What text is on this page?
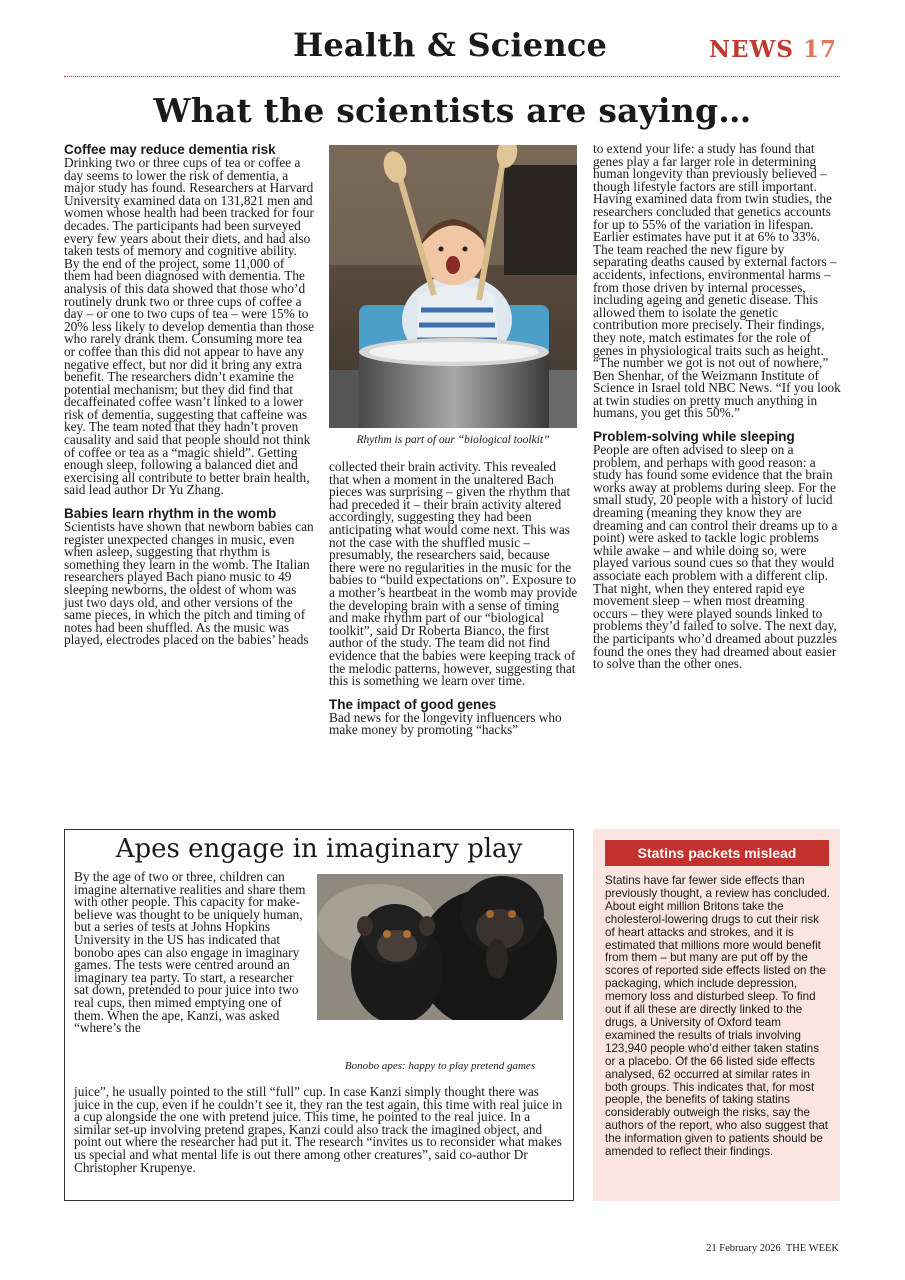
Health & Science	NEWS 17
What the scientists are saying…
Coffee may reduce dementia risk

Drinking two or three cups of tea or coffee a day seems to lower the risk of dementia, a major study has found. Researchers at Harvard University examined data on 131,821 men and women whose health had been tracked for four decades. The participants had been surveyed every few years about their diets, and had also taken tests of memory and cognitive ability. By the end of the project, some 11,000 of them had been diagnosed with dementia. The analysis of this data showed that those who’d routinely drunk two or three cups of coffee a day – or one to two cups of tea – were 15% to 20% less likely to develop dementia than those who rarely drank them. Consuming more tea or coffee than this did not appear to have any negative effect, but nor did it bring any extra benefit. The researchers didn’t examine the potential mechanism; but they did find that decaffeinated coffee wasn’t linked to a lower risk of dementia, suggesting that caffeine was key. The team noted that they hadn’t proven causality and said that people should not think of coffee or tea as a “magic shield”. Getting enough sleep, following a balanced diet and exercising all contribute to better brain health, said lead author Dr Yu Zhang.

Babies learn rhythm in the womb

Scientists have shown that newborn babies can register unexpected changes in music, even when asleep, suggesting that rhythm is something they learn in the womb. The Italian researchers played Bach piano music to 49 sleeping newborns, the oldest of whom was just two days old, and other versions of the same pieces, in which the pitch and timing of notes had been shuffled. As the music was played, electrodes placed on the babies’ heads

Rhythm is part of our “biological toolkit”

collected their brain activity. This revealed that when a moment in the unaltered Bach pieces was surprising – given the rhythm that had preceded it – their brain activity altered accordingly, suggesting they had been anticipating what would come next. This was not the case with the shuffled music – presumably, the researchers said, because there were no regularities in the music for the babies to “build expectations on”. Exposure to a mother’s heartbeat in the womb may provide the developing brain with a sense of timing and make rhythm part of our “biological toolkit”, said Dr Roberta Bianco, the first author of the study. The team did not find evidence that the babies were keeping track of the melodic patterns, however, suggesting that this is something we learn over time.

The impact of good genes

Bad news for the longevity influencers who make money by promoting “hacks”

to extend your life: a study has found that genes play a far larger role in determining human longevity than previously believed – though lifestyle factors are still important. Having examined data from twin studies, the researchers concluded that genetics accounts for up to 55% of the variation in lifespan. Earlier estimates have put it at 6% to 33%. The team reached the new figure by separating deaths caused by external factors – accidents, infections, environmental harms – from those driven by internal processes, including ageing and genetic disease. This allowed them to isolate the genetic contribution more precisely. Their findings, they note, match estimates for the role of genes in physiological traits such as height. “The number we got is not out of nowhere,” Ben Shenhar, of the Weizmann Institute of Science in Israel told NBC News. “If you look at twin studies on pretty much anything in humans, you get this 50%.”

Problem-solving while sleeping

People are often advised to sleep on a problem, and perhaps with good reason: a study has found some evidence that the brain works away at problems during sleep. For the small study, 20 people with a history of lucid dreaming (meaning they know they are dreaming and can control their dreams up to a point) were asked to tackle logic problems while awake – and while doing so, were played various sound cues so that they would associate each problem with a different clip. That night, when they entered rapid eye movement sleep – when most dreaming occurs – they were played sounds linked to problems they’d failed to solve. The next day, the participants who’d dreamed about puzzles found the ones they had dreamed about easier to solve than the other ones.

Apes engage in imaginary play
Bonobo apes: happy to play pretend games

By the age of two or three, children can imagine alternative realities and share them with other people. This capacity for make-believe was thought to be uniquely human, but a series of tests at Johns Hopkins University in the US has indicated that bonobo apes can also engage in imaginary games. The tests were centred around an imaginary tea party. To start, a researcher sat down, pretended to pour juice into two real cups, then mimed emptying one of them. When the ape, Kanzi, was asked “where’s the

juice”, he usually pointed to the still “full” cup. In case Kanzi simply thought there was juice in the cup, even if he couldn’t see it, they ran the test again, this time with real juice in a cup alongside the one with pretend juice. This time, he pointed to the real juice. In a similar set-up involving pretend grapes, Kanzi could also track the imagined object, and point out where the researcher had put it. The research “invites us to reconsider what makes us special and what mental life is out there among other creatures”, said co-author Dr Christopher Krupenye.

Statins packets mislead
Statins have far fewer side effects than previously thought, a review has concluded. About eight million Britons take the cholesterol-lowering drugs to cut their risk of heart attacks and strokes, and it is estimated that millions more would benefit from them – but many are put off by the scores of reported side effects listed on the packaging, which include depression, memory loss and disturbed sleep. To find out if all these are directly linked to the drugs, a University of Oxford team examined the results of trials involving 123,940 people who’d either taken statins or a placebo. Of the 66 listed side effects analysed, 62 occurred at similar rates in both groups. This indicates that, for most people, the benefits of taking statins considerably outweigh the risks, say the authors of the report, who also suggest that the information given to patients should be amended to reflect their findings.
21 February 2026 THE WEEK
